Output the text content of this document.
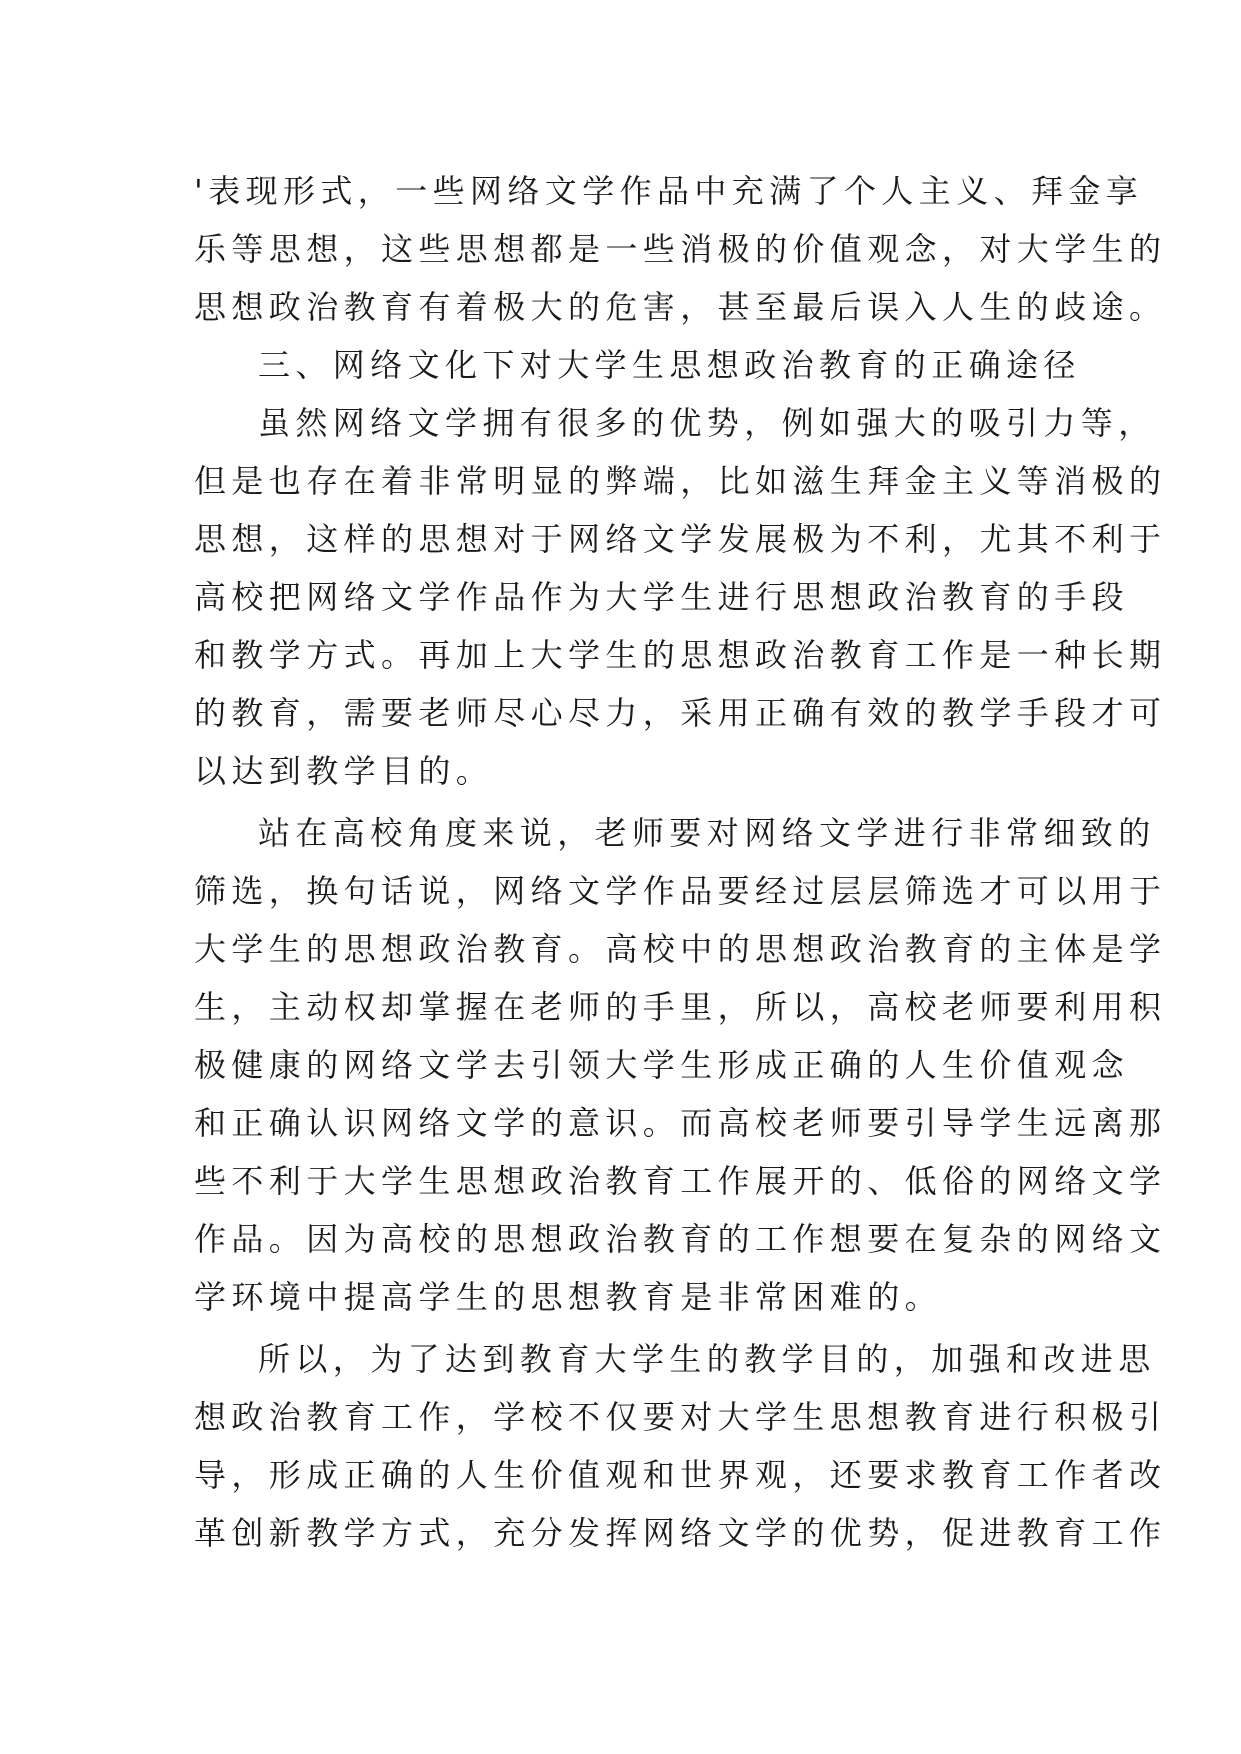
'表现形式，一些网络文学作品中充满了个人主义、拜金享
乐等思想，这些思想都是一些消极的价值观念，对大学生的
思想政治教育有着极大的危害，甚至最后误入人生的歧途。
三、网络文化下对大学生思想政治教育的正确途径
虽然网络文学拥有很多的优势，例如强大的吸引力等，
但是也存在着非常明显的弊端，比如滋生拜金主义等消极的
思想，这样的思想对于网络文学发展极为不利，尤其不利于
高校把网络文学作品作为大学生进行思想政治教育的手段
和教学方式。再加上大学生的思想政治教育工作是一种长期
的教育，需要老师尽心尽力，采用正确有效的教学手段才可
以达到教学目的。
站在高校角度来说，老师要对网络文学进行非常细致的
筛选，换句话说，网络文学作品要经过层层筛选才可以用于
大学生的思想政治教育。高校中的思想政治教育的主体是学
生，主动权却掌握在老师的手里，所以，高校老师要利用积
极健康的网络文学去引领大学生形成正确的人生价值观念
和正确认识网络文学的意识。而高校老师要引导学生远离那
些不利于大学生思想政治教育工作展开的、低俗的网络文学
作品。因为高校的思想政治教育的工作想要在复杂的网络文
学环境中提高学生的思想教育是非常困难的。
所以，为了达到教育大学生的教学目的，加强和改进思
想政治教育工作，学校不仅要对大学生思想教育进行积极引
导，形成正确的人生价值观和世界观，还要求教育工作者改
革创新教学方式，充分发挥网络文学的优势，促进教育工作
